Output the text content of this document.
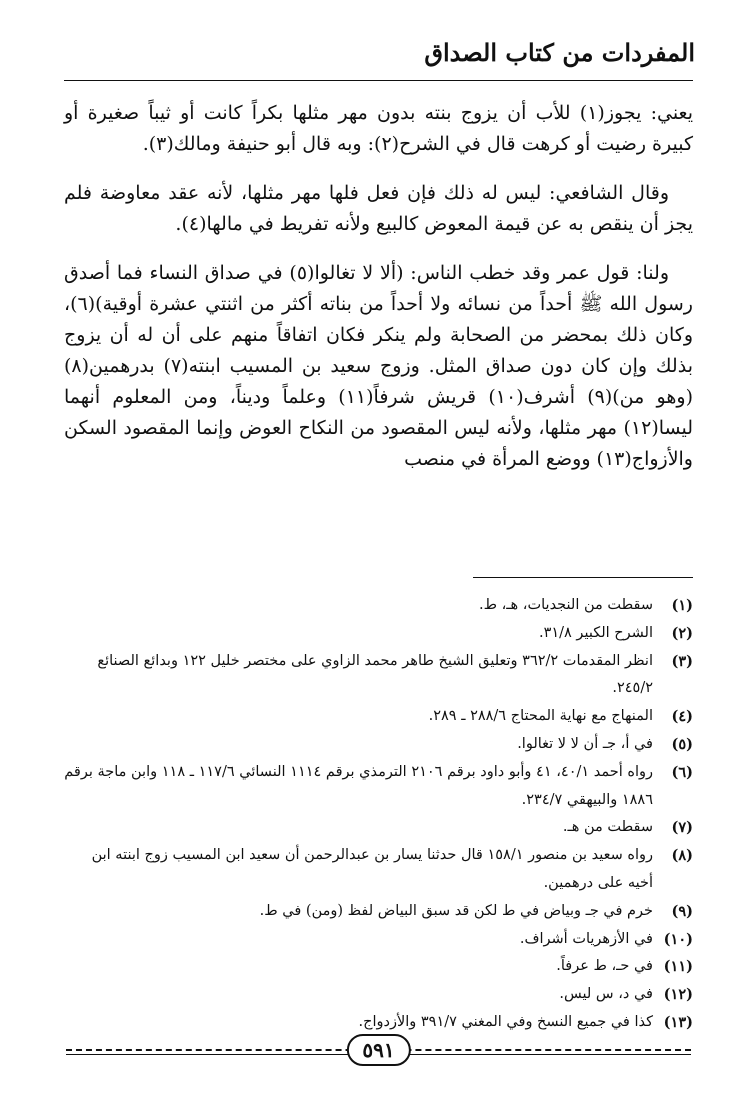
المفردات من كتاب الصداق

يعني: يجوز(١) للأب أن يزوج بنته بدون مهر مثلها بكراً كانت أو ثيباً صغيرة أو كبيرة رضيت أو كرهت قال في الشرح(٢): وبه قال أبو حنيفة ومالك(٣).

وقال الشافعي: ليس له ذلك فإن فعل فلها مهر مثلها، لأنه عقد معاوضة فلم يجز أن ينقص به عن قيمة المعوض كالبيع ولأنه تفريط في مالها(٤).

ولنا: قول عمر وقد خطب الناس: (ألا لا تغالوا(٥) في صداق النساء فما أصدق رسول الله ﷺ أحداً من نسائه ولا أحداً من بناته أكثر من اثنتي عشرة أوقية)(٦)، وكان ذلك بمحضر من الصحابة ولم ينكر فكان اتفاقاً منهم على أن له أن يزوج بذلك وإن كان دون صداق المثل. وزوج سعيد بن المسيب ابنته(٧) بدرهمين(٨) (وهو من)(٩) أشرف(١٠) قريش شرفاً(١١) وعلماً وديناً، ومن المعلوم أنهما ليسا(١٢) مهر مثلها، ولأنه ليس المقصود من النكاح العوض وإنما المقصود السكن والأزواج(١٣) ووضع المرأة في منصب

(١)
سقطت من النجديات، هـ، ط.
(٢)
الشرح الكبير ٣١/٨.
(٣)
انظر المقدمات ٣٦٢/٢ وتعليق الشيخ طاهر محمد الزاوي على مختصر خليل ١٢٢ وبدائع الصنائع ٢٤٥/٢.
(٤)
المنهاج مع نهاية المحتاج ٢٨٨/٦ ـ ٢٨٩.
(٥)
في أ، جـ أن لا لا تغالوا.
(٦)
رواه أحمد ٤٠/١، ٤١ وأبو داود برقم ٢١٠٦ الترمذي برقم ١١١٤ النسائي ١١٧/٦ ـ ١١٨ وابن ماجة برقم ١٨٨٦ والبيهقي ٢٣٤/٧.
(٧)
سقطت من هـ.
(٨)
رواه سعيد بن منصور ١٥٨/١ قال حدثنا يسار بن عبدالرحمن أن سعيد ابن المسيب زوج ابنته ابن أخيه على درهمين.
(٩)
خرم في جـ وبياض في ط لكن قد سبق البياض لفظ (ومن) في ط.
(١٠)
في الأزهريات أشراف.
(١١)
في حـ، ط عرفاً.
(١٢)
في د، س ليس.
(١٣)
كذا في جميع النسخ وفي المغني ٣٩١/٧ والأزدواج.
٥٩١
